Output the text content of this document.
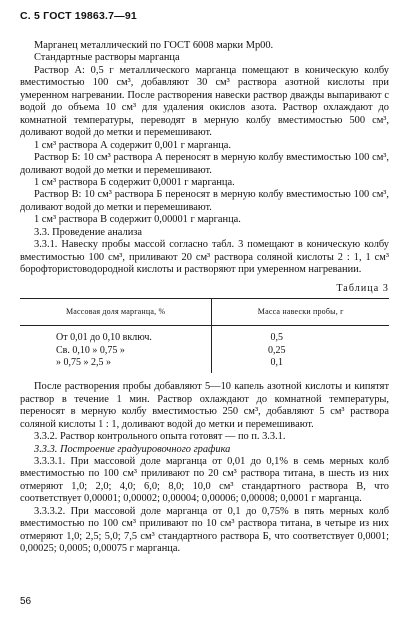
С. 5 ГОСТ 19863.7—91

Марганец металлический по ГОСТ 6008 марки Мр00.

Стандартные растворы марганца

Раствор А: 0,5 г металлического марганца помещают в коническую колбу вместимостью 100 см³, добавляют 30 см³ раствора азотной кислоты при умеренном нагревании. После растворения навески раствор дважды выпаривают с водой до объема 10 см³ для удаления окислов азота. Раствор охлаждают до комнатной температуры, переводят в мерную колбу вместимостью 500 см³, доливают водой до метки и перемешивают.

1 см³ раствора А содержит 0,001 г марганца.

Раствор Б: 10 см³ раствора А переносят в мерную колбу вместимостью 100 см³, доливают водой до метки и перемешивают.

1 см³ раствора Б содержит 0,0001 г марганца.

Раствор В: 10 см³ раствора Б переносят в мерную колбу вместимостью 100 см³, доливают водой до метки и перемешивают.

1 см³ раствора В содержит 0,00001 г марганца.

3.3. Проведение анализа

3.3.1. Навеску пробы массой согласно табл. 3 помещают в коническую колбу вместимостью 100 см³, приливают 20 см³ раствора соляной кислоты 2 : 1, 1 см³ борофтористоводородной кислоты и растворяют при умеренном нагревании.

Таблица 3
Массовая доля марганца, %	Масса навески пробы, г
От 0,01 до 0,10 включ.	0,5
Св. 0,10 » 0,75 »	0,25
» 0,75 » 2,5 »	0,1

После растворения пробы добавляют 5—10 капель азотной кислоты и кипятят раствор в течение 1 мин. Раствор охлаждают до комнатной температуры, переносят в мерную колбу вместимостью 250 см³, добавляют 5 см³ раствора соляной кислоты 1 : 1, доливают водой до метки и перемешивают.

3.3.2. Раствор контрольного опыта готовят — по п. 3.3.1.

3.3.3. Построение градуировочного графика

3.3.3.1. При массовой доле марганца от 0,01 до 0,1% в семь мерных колб вместимостью по 100 см³ приливают по 20 см³ раствора титана, в шесть из них отмеряют 1,0; 2,0; 4,0; 6,0; 8,0; 10,0 см³ стандартного раствора В, что соответствует 0,00001; 0,00002; 0,00004; 0,00006; 0,00008; 0,0001 г марганца.

3.3.3.2. При массовой доле марганца от 0,1 до 0,75% в пять мерных колб вместимостью по 100 см³ приливают по 10 см³ раствора титана, в четыре из них отмеряют 1,0; 2,5; 5,0; 7,5 см³ стандартного раствора Б, что соответствует 0,0001; 0,00025; 0,0005; 0,00075 г марганца.

56
